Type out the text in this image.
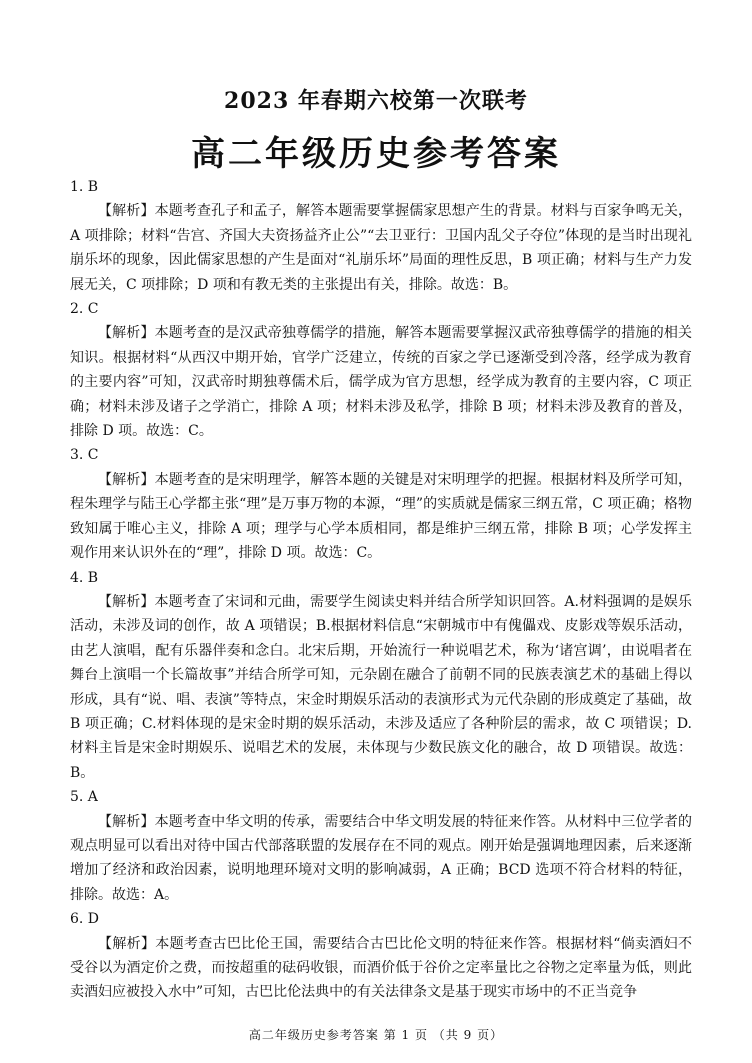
2023 年春期六校第一次联考
高二年级历史参考答案

1. B

【解析】本题考查孔子和孟子，解答本题需要掌握儒家思想产生的背景。材料与百家争鸣无关，A 项排除；材料“告宫、齐国大夫资扬益齐止公”“去卫亚行：卫国内乱父子夺位”体现的是当时出现礼崩乐坏的现象，因此儒家思想的产生是面对“礼崩乐坏”局面的理性反思，B 项正确；材料与生产力发展无关，C 项排除；D 项和有教无类的主张提出有关，排除。故选：B。

2. C

【解析】本题考查的是汉武帝独尊儒学的措施，解答本题需要掌握汉武帝独尊儒学的措施的相关知识。根据材料“从西汉中期开始，官学广泛建立，传统的百家之学已逐渐受到冷落，经学成为教育的主要内容”可知，汉武帝时期独尊儒术后，儒学成为官方思想，经学成为教育的主要内容，C 项正确；材料未涉及诸子之学消亡，排除 A 项；材料未涉及私学，排除 B 项；材料未涉及教育的普及，排除 D 项。故选：C。

3. C

【解析】本题考查的是宋明理学，解答本题的关键是对宋明理学的把握。根据材料及所学可知，程朱理学与陆王心学都主张“理”是万事万物的本源，“理”的实质就是儒家三纲五常，C 项正确；格物致知属于唯心主义，排除 A 项；理学与心学本质相同，都是维护三纲五常，排除 B 项；心学发挥主观作用来认识外在的“理”，排除 D 项。故选：C。

4. B

【解析】本题考查了宋词和元曲，需要学生阅读史料并结合所学知识回答。A.材料强调的是娱乐活动，未涉及词的创作，故 A 项错误；B.根据材料信息“宋朝城市中有傀儡戏、皮影戏等娱乐活动，由艺人演唱，配有乐器伴奏和念白。北宋后期，开始流行一种说唱艺术，称为‘诸宫调’，由说唱者在舞台上演唱一个长篇故事”并结合所学可知，元杂剧在融合了前朝不同的民族表演艺术的基础上得以形成，具有“说、唱、表演”等特点，宋金时期娱乐活动的表演形式为元代杂剧的形成奠定了基础，故 B 项正确；C.材料体现的是宋金时期的娱乐活动，未涉及适应了各种阶层的需求，故 C 项错误；D.材料主旨是宋金时期娱乐、说唱艺术的发展，未体现与少数民族文化的融合，故 D 项错误。故选：B。

5. A

【解析】本题考查中华文明的传承，需要结合中华文明发展的特征来作答。从材料中三位学者的观点明显可以看出对待中国古代部落联盟的发展存在不同的观点。刚开始是强调地理因素，后来逐渐增加了经济和政治因素，说明地理环境对文明的影响减弱，A 正确；BCD 选项不符合材料的特征，排除。故选：A。

6. D

【解析】本题考查古巴比伦王国，需要结合古巴比伦文明的特征来作答。根据材料“倘卖酒妇不受谷以为酒定价之费，而按超重的砝码收银，而酒价低于谷价之定率量比之谷物之定率量为低，则此卖酒妇应被投入水中”可知，古巴比伦法典中的有关法律条文是基于现实市场中的不正当竞争

高二年级历史参考答案 第 1 页 （共 9 页）
